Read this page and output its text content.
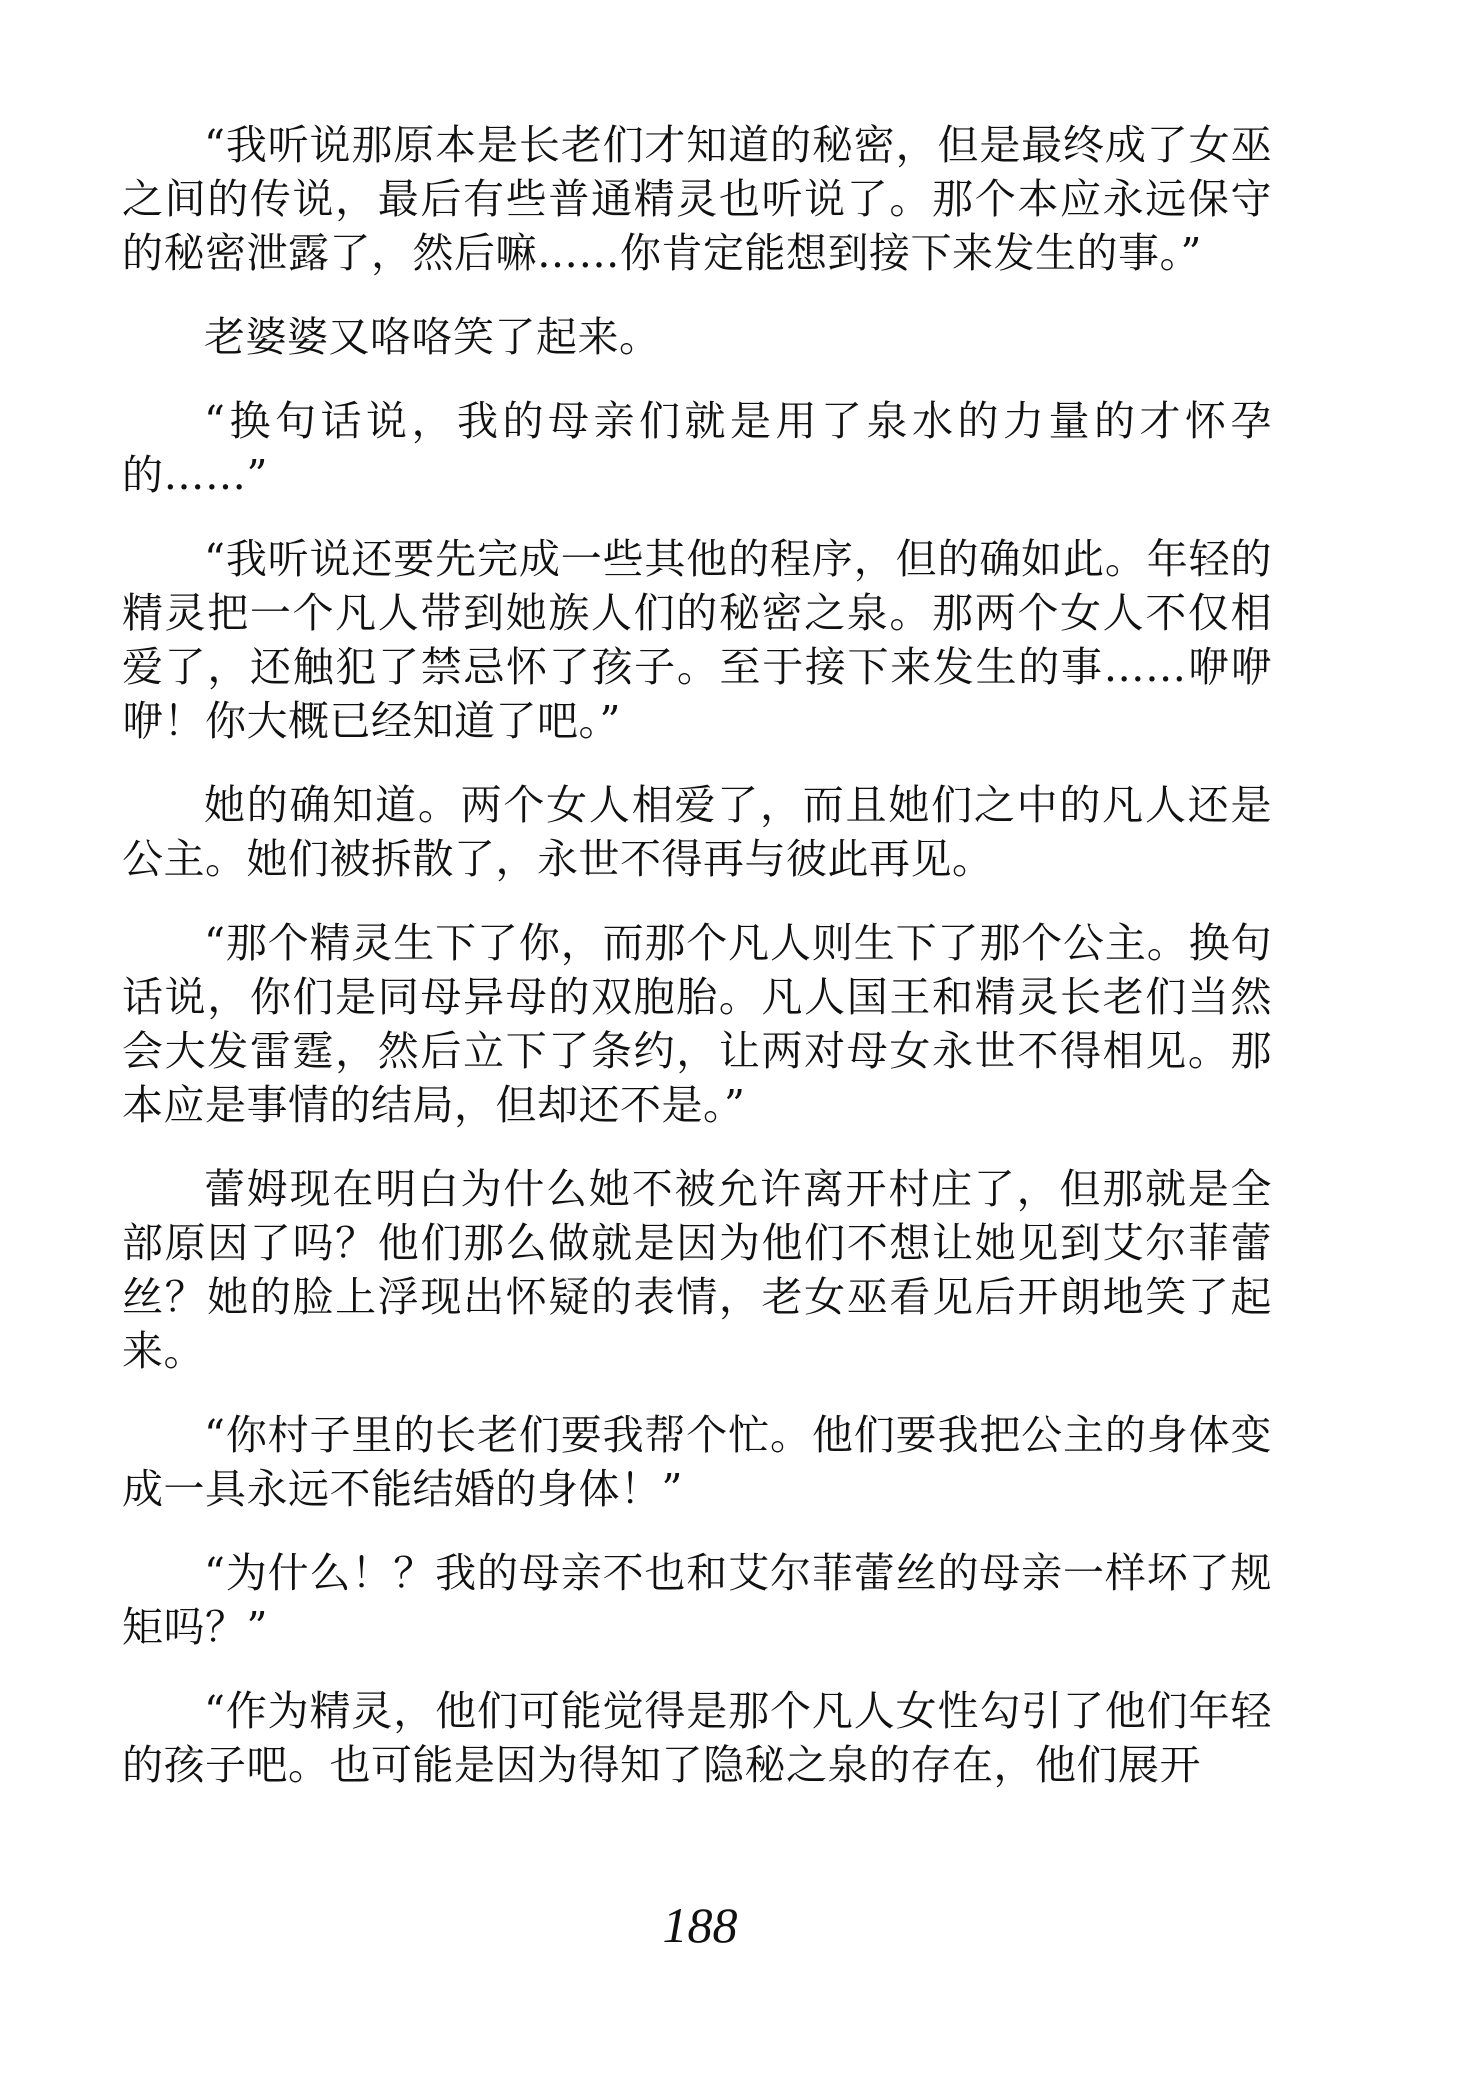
“我听说那原本是长老们才知道的秘密，但是最终成了女巫之间的传说，最后有些普通精灵也听说了。那个本应永远保守的秘密泄露了，然后嘛……你肯定能想到接下来发生的事。”

老婆婆又咯咯笑了起来。

“换句话说，我的母亲们就是用了泉水的力量的才怀孕的……”

“我听说还要先完成一些其他的程序，但的确如此。年轻的精灵把一个凡人带到她族人们的秘密之泉。那两个女人不仅相爱了，还触犯了禁忌怀了孩子。至于接下来发生的事……咿咿咿！你大概已经知道了吧。”

她的确知道。两个女人相爱了，而且她们之中的凡人还是公主。她们被拆散了，永世不得再与彼此再见。

“那个精灵生下了你，而那个凡人则生下了那个公主。换句话说，你们是同母异母的双胞胎。凡人国王和精灵长老们当然会大发雷霆，然后立下了条约，让两对母女永世不得相见。那本应是事情的结局，但却还不是。”

蕾姆现在明白为什么她不被允许离开村庄了，但那就是全部原因了吗？他们那么做就是因为他们不想让她见到艾尔菲蕾丝？她的脸上浮现出怀疑的表情，老女巫看见后开朗地笑了起来。

“你村子里的长老们要我帮个忙。他们要我把公主的身体变成一具永远不能结婚的身体！”

“为什么！？我的母亲不也和艾尔菲蕾丝的母亲一样坏了规矩吗？”

“作为精灵，他们可能觉得是那个凡人女性勾引了他们年轻的孩子吧。也可能是因为得知了隐秘之泉的存在，他们展开

188
